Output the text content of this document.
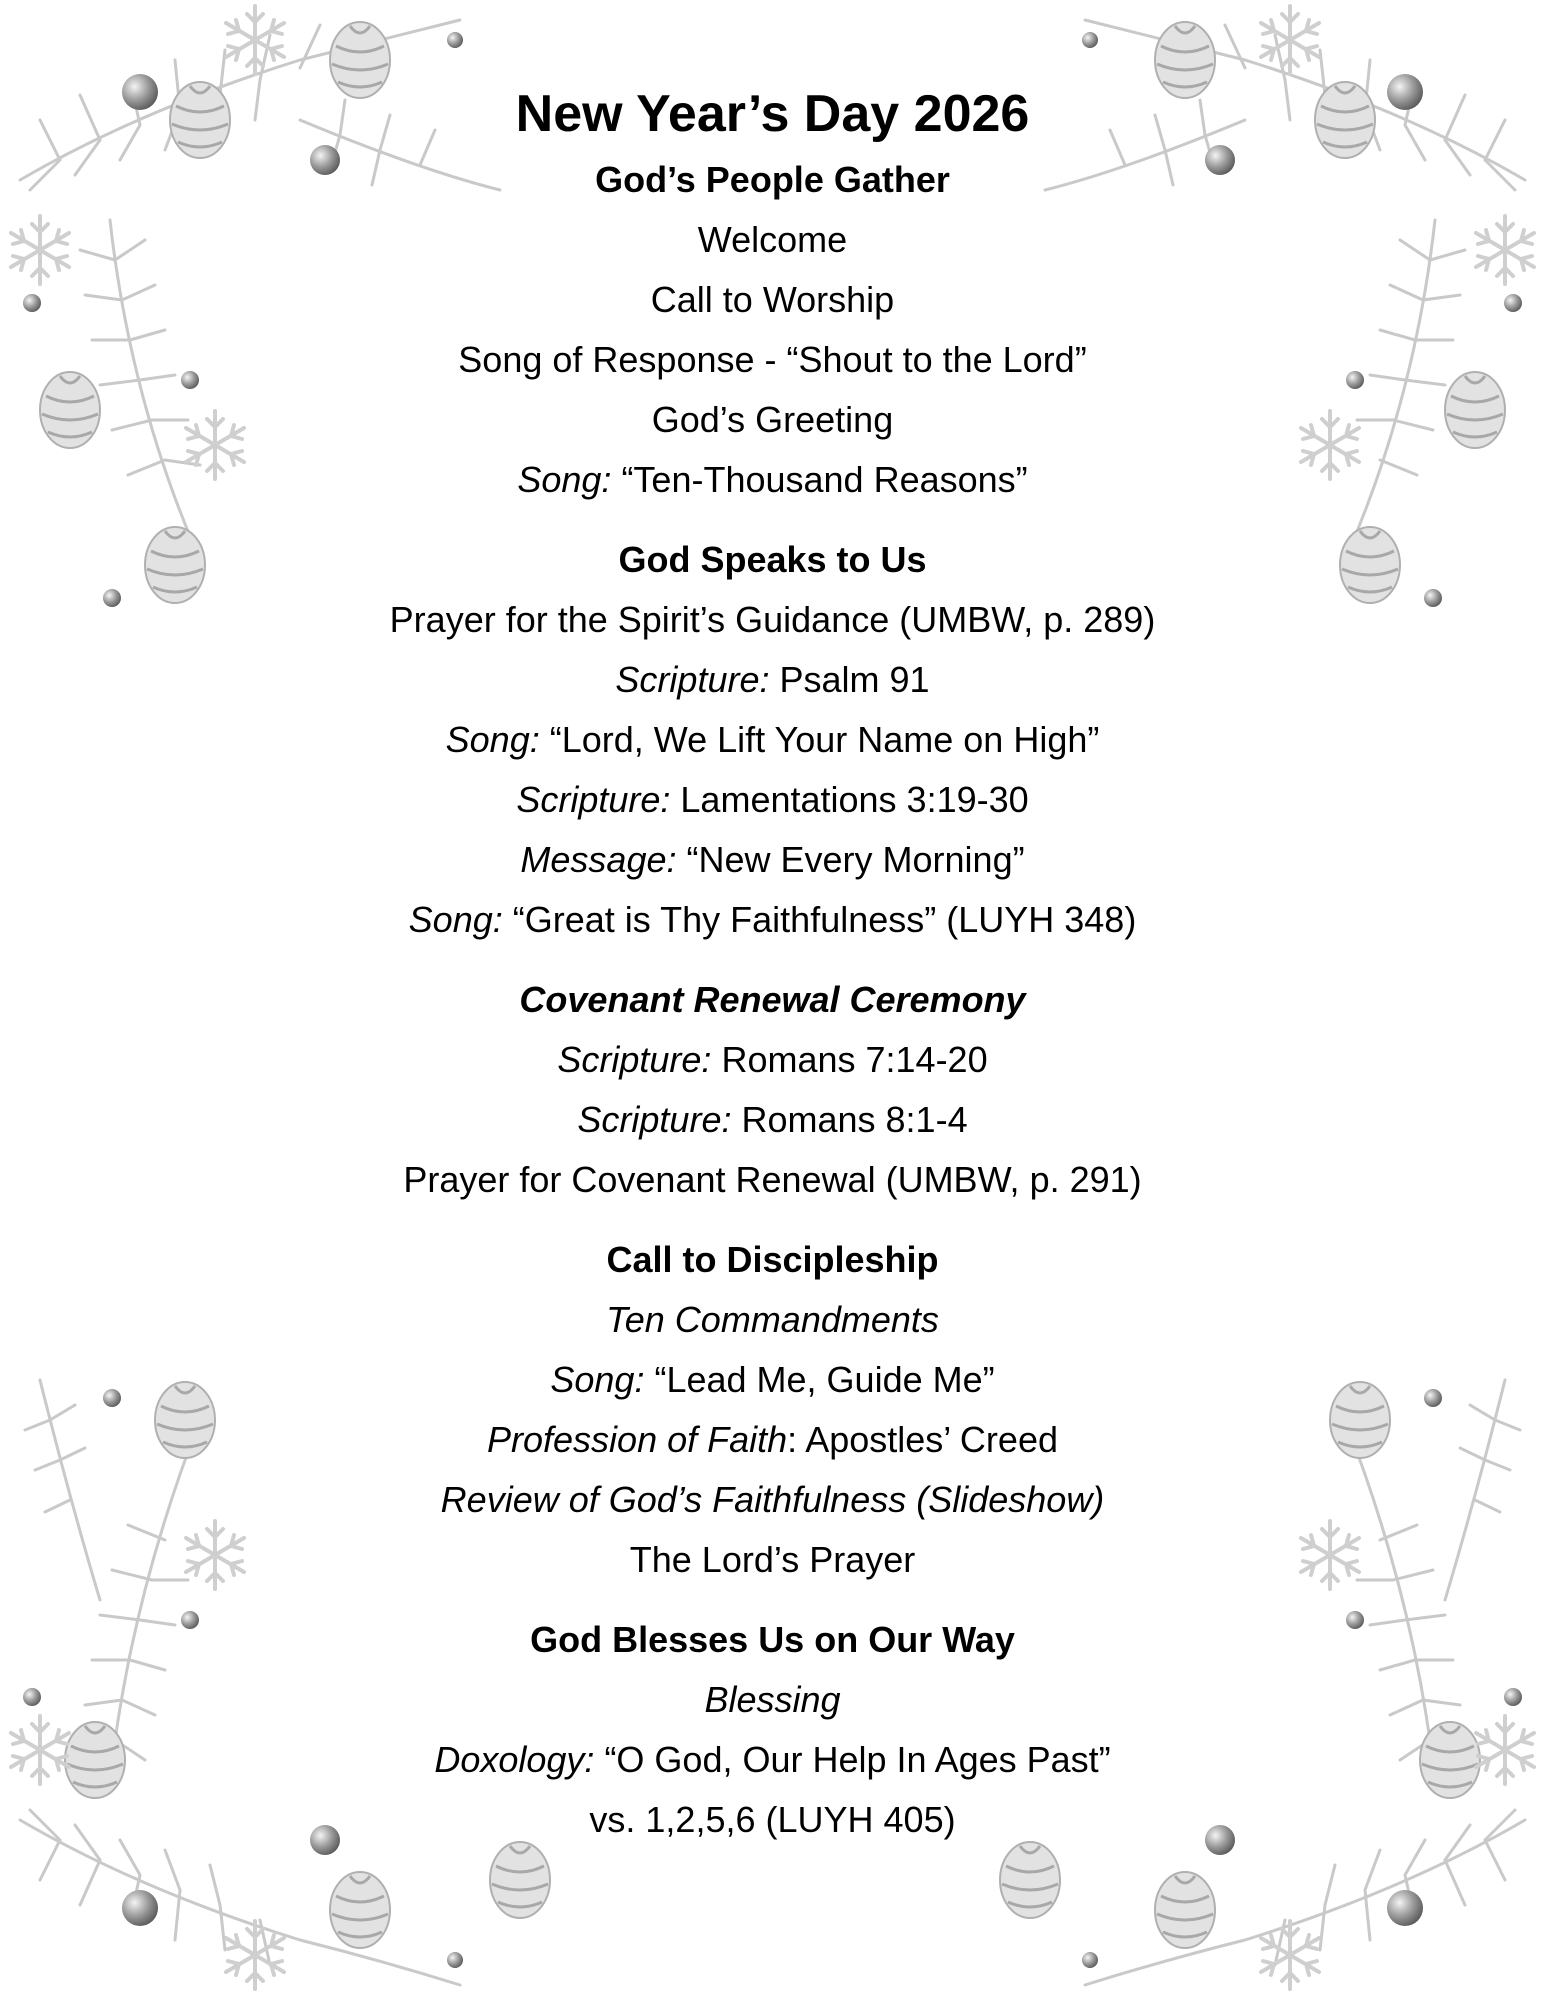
New Year’s Day 2026
God’s People Gather
Welcome
Call to Worship
Song of Response - “Shout to the Lord”
God’s Greeting
Song: “Ten-Thousand Reasons”
God Speaks to Us
Prayer for the Spirit’s Guidance (UMBW, p. 289)
Scripture: Psalm 91
Song: “Lord, We Lift Your Name on High”
Scripture: Lamentations 3:19-30
Message: “New Every Morning”
Song: “Great is Thy Faithfulness” (LUYH 348)
Covenant Renewal Ceremony
Scripture: Romans 7:14-20
Scripture: Romans 8:1-4
Prayer for Covenant Renewal (UMBW, p. 291)
Call to Discipleship
Ten Commandments
Song: “Lead Me, Guide Me”
Profession of Faith: Apostles’ Creed
Review of God’s Faithfulness (Slideshow)
The Lord’s Prayer
God Blesses Us on Our Way
Blessing
Doxology: “O God, Our Help In Ages Past”
vs. 1,2,5,6 (LUYH 405)
